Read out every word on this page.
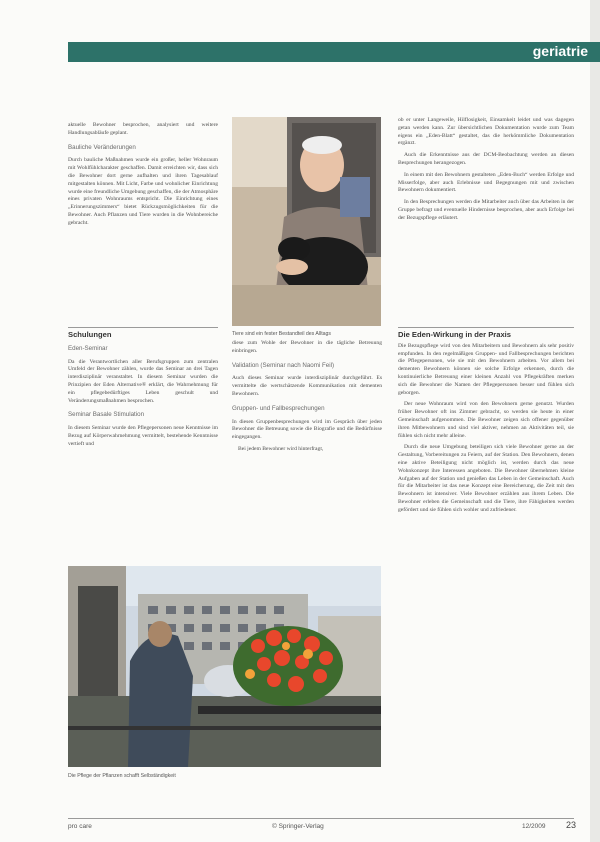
geriatrie

aktuelle Bewohner besprochen, analysiert und weitere Handlungsabläufe geplant.

Bauliche Veränderungen

Durch bauliche Maßnahmen wurde ein großer, heller Wohnraum mit Wohlfühlcharakter geschaffen. Damit erreichten wir, dass sich die Bewohner dort gerne aufhalten und ihren Tagesablauf mitgestalten können. Mit Licht, Farbe und wohnlicher Einrichtung wurde eine freundliche Umgebung geschaffen, die der Atmosphäre eines privaten Wohnraums entspricht. Die Einrichtung eines „Erinnerungszimmers“ bietet Rückzugsmöglichkeiten für die Bewohner. Auch Pflanzen und Tiere wurden in die Wohnbereiche gebracht.

Tiere sind ein fester Bestandteil des Alltags

ob er unter Langeweile, Hilflosigkeit, Einsamkeit leidet und was dagegen getan werden kann. Zur übersichtlichen Dokumentation wurde zum Team eigens ein „Eden-Blatt“ gestaltet, das die herkömmliche Dokumentation ergänzt.

Auch die Erkenntnisse aus der DCM-Beobachtung werden an diesen Besprechungen herangezogen.

In einem mit den Bewohnern gestalteten „Eden-Buch“ werden Erfolge und Misserfolge, aber auch Erlebnisse und Begegnungen mit und zwischen Bewohnern dokumentiert.

In den Besprechungen werden die Mitarbeiter auch über das Arbeiten in der Gruppe befragt und eventuelle Hindernisse besprochen, aber auch Erfolge bei der Bezugspflege erläutert.

Schulungen
Eden-Seminar

Da die Verantwortlichen aller Berufsgruppen zum zentralen Umfeld der Bewohner zählen, wurde das Seminar an drei Tagen interdisziplinär veranstaltet. In diesem Seminar wurden die Prinzipien der Eden Alternative® erklärt, die Wahrnehmung für ein pflegebedürftiges Leben geschult und Veränderungsmaßnahmen besprochen.

Seminar Basale Stimulation

In diesem Seminar wurde den Pflegepersonen neue Kenntnisse im Bezug auf Körperwahrnehmung vermittelt, bestehende Kenntnisse vertieft und

diese zum Wohle der Bewohner in die tägliche Betreuung einbringen.

Validation (Seminar nach Naomi Feil)

Auch dieses Seminar wurde interdisziplinär durchgeführt. Es vermittelte die wertschätzende Kommunikation mit dementen Bewohnern.

Gruppen- und Fallbesprechungen

In diesen Gruppenbesprechungen wird im Gespräch über jeden Bewohner die Betreuung sowie die Biografie und die Bedürfnisse eingegangen.

Bei jedem Bewohner wird hinterfragt,

Die Eden-Wirkung in der Praxis

Die Bezugspflege wird von den Mitarbeitern und Bewohnern als sehr positiv empfunden. In den regelmäßigen Gruppen- und Fallbesprechungen berichten die Pflegepersonen, wie sie mit den Bewohnern arbeiten. Vor allem bei dementen Bewohnern können sie solche Erfolge erkennen, durch die kontinuierliche Betreuung einer kleinen Anzahl von Pflegekräften merken sich die Bewohner die Namen der Pflegepersonen besser und fühlen sich geborgen.

Der neue Wohnraum wird von den Bewohnern gerne genutzt. Wurden früher Bewohner oft ins Zimmer gebracht, so werden sie heute in einer Gemeinschaft aufgenommen. Die Bewohner zeigen sich offener gegenüber ihren Mitbewohnern und sind viel aktiver, nehmen an Aktivitäten teil, sie fühlen sich nicht mehr alleine.

Durch die neue Umgebung beteiligen sich viele Bewohner gerne an der Gestaltung, Vorbereitungen zu Feiern, auf der Station. Den Bewohnern, denen eine aktive Beteiligung nicht möglich ist, werden durch das neue Wohnkonzept ihre Interessen angeboten. Die Bewohner übernehmen kleine Aufgaben auf der Station und genießen das Leben in der Gemeinschaft. Auch für die Mitarbeiter ist das neue Konzept eine Bereicherung, die Zeit mit den Bewohnern ist intensiver. Viele Bewohner erzählen aus ihrem Leben. Die Bewohner erleben die Gemeinschaft und die Tiere, ihre Fähigkeiten werden gefördert und sie fühlen sich wohler und zufriedener.

Die Pflege der Pflanzen schafft Selbständigkeit
pro care	© Springer-Verlag	12/2009 23
